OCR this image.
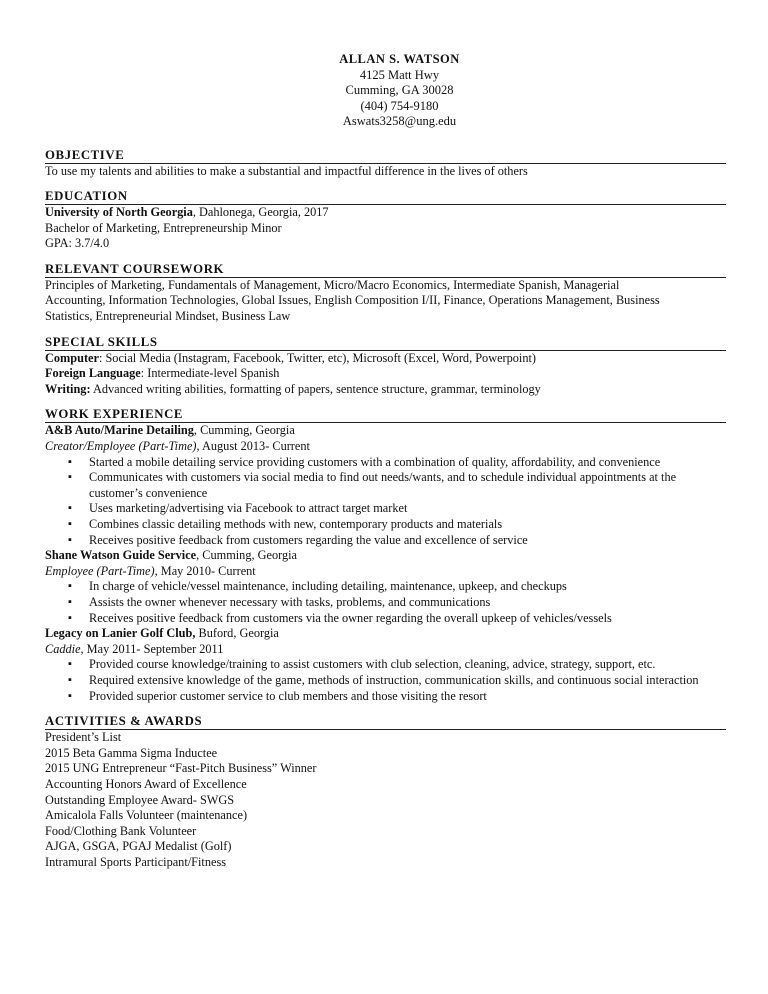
ALLAN S. WATSON
4125 Matt Hwy
Cumming, GA 30028
(404) 754-9180
Aswats3258@ung.edu
OBJECTIVE
To use my talents and abilities to make a substantial and impactful difference in the lives of others
EDUCATION
University of North Georgia, Dahlonega, Georgia, 2017
Bachelor of Marketing, Entrepreneurship Minor
GPA: 3.7/4.0
RELEVANT COURSEWORK
Principles of Marketing, Fundamentals of Management, Micro/Macro Economics, Intermediate Spanish, Managerial
Accounting, Information Technologies, Global Issues, English Composition I/II, Finance, Operations Management, Business
Statistics, Entrepreneurial Mindset, Business Law
SPECIAL SKILLS
Computer: Social Media (Instagram, Facebook, Twitter, etc), Microsoft (Excel, Word, Powerpoint)
Foreign Language: Intermediate-level Spanish
Writing: Advanced writing abilities, formatting of papers, sentence structure, grammar, terminology
WORK EXPERIENCE
A&B Auto/Marine Detailing, Cumming, Georgia
Creator/Employee (Part-Time), August 2013- Current
▪ Started a mobile detailing service providing customers with a combination of quality, affordability, and convenience
▪ Communicates with customers via social media to find out needs/wants, and to schedule individual appointments at the customer’s convenience
▪ Uses marketing/advertising via Facebook to attract target market
▪ Combines classic detailing methods with new, contemporary products and materials
▪ Receives positive feedback from customers regarding the value and excellence of service
Shane Watson Guide Service, Cumming, Georgia
Employee (Part-Time), May 2010- Current
▪ In charge of vehicle/vessel maintenance, including detailing, maintenance, upkeep, and checkups
▪ Assists the owner whenever necessary with tasks, problems, and communications
▪ Receives positive feedback from customers via the owner regarding the overall upkeep of vehicles/vessels
Legacy on Lanier Golf Club, Buford, Georgia
Caddie, May 2011- September 2011
▪ Provided course knowledge/training to assist customers with club selection, cleaning, advice, strategy, support, etc.
▪ Required extensive knowledge of the game, methods of instruction, communication skills, and continuous social interaction
▪ Provided superior customer service to club members and those visiting the resort
ACTIVITIES & AWARDS
President’s List
2015 Beta Gamma Sigma Inductee
2015 UNG Entrepreneur “Fast-Pitch Business” Winner
Accounting Honors Award of Excellence
Outstanding Employee Award- SWGS
Amicalola Falls Volunteer (maintenance)
Food/Clothing Bank Volunteer
AJGA, GSGA, PGAJ Medalist (Golf)
Intramural Sports Participant/Fitness
